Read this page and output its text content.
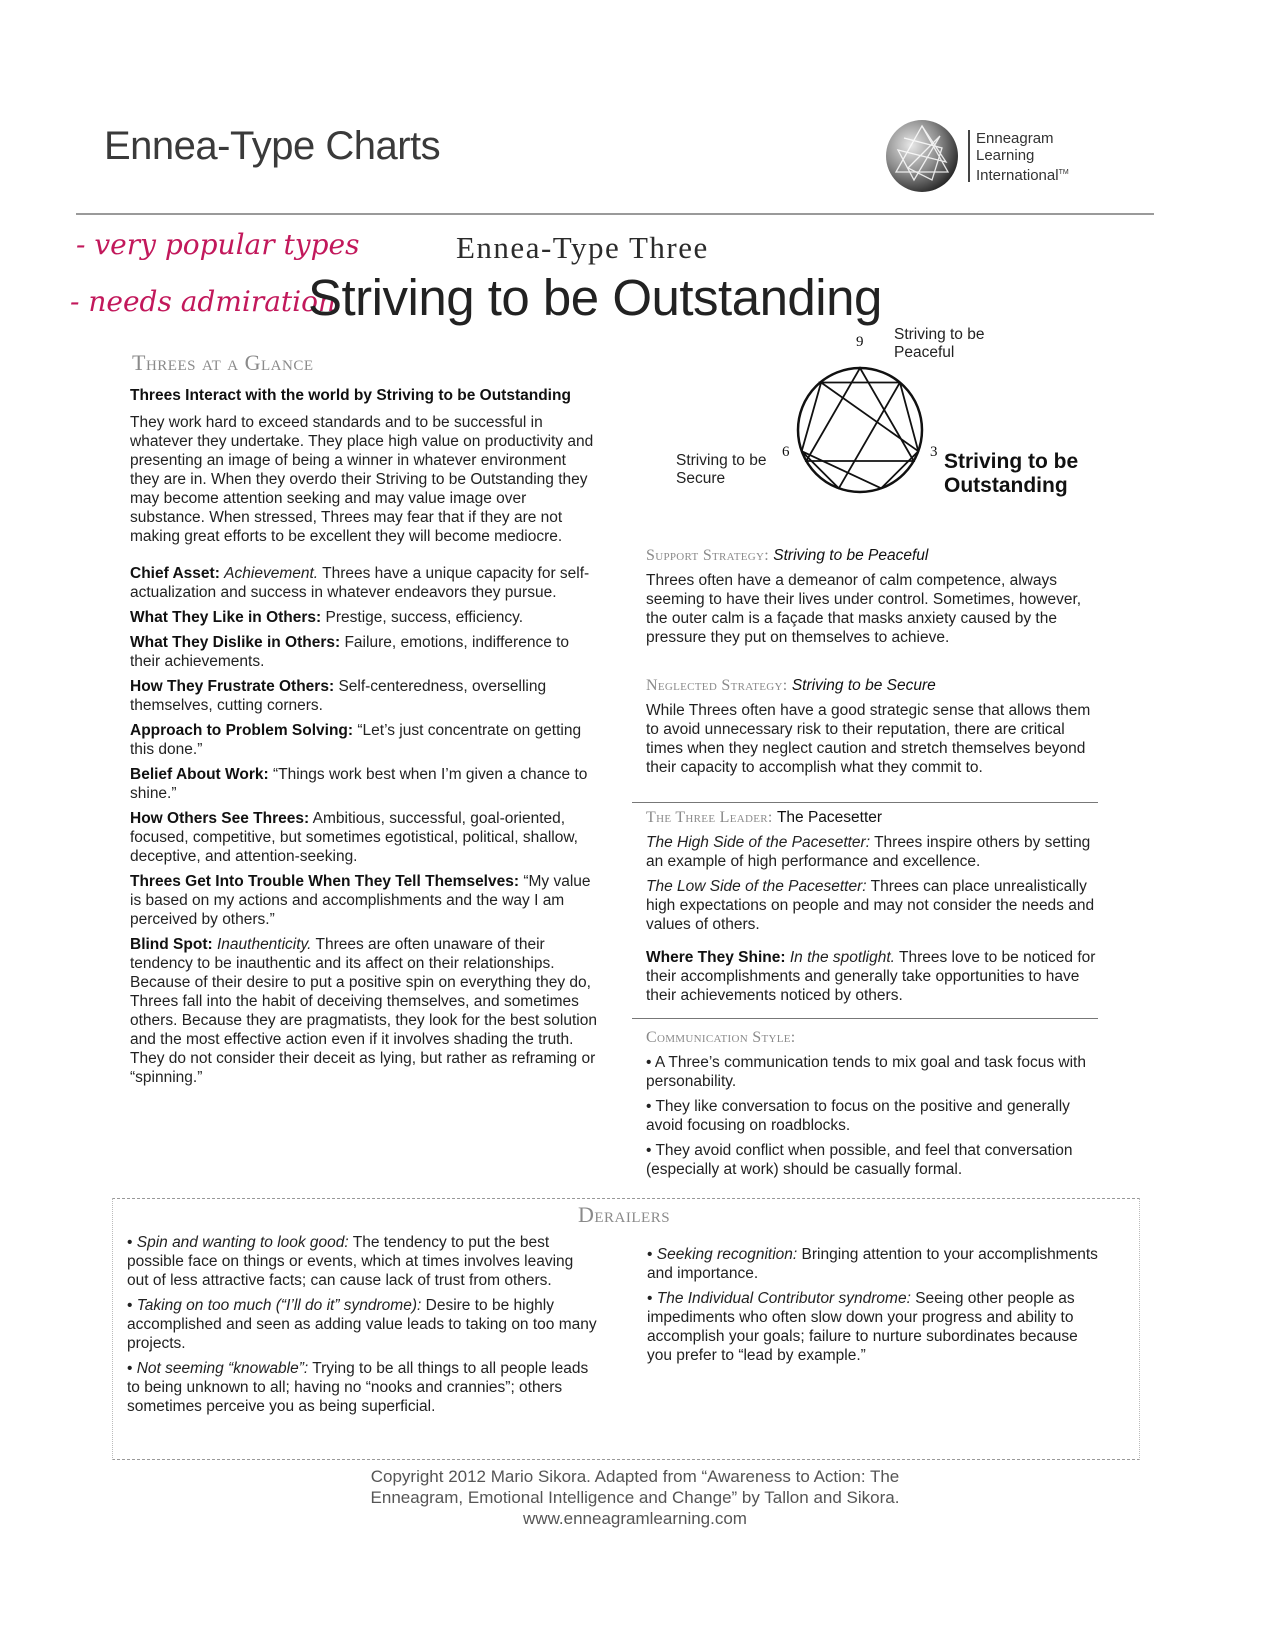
Ennea-Type Charts	Enneagram
Learning
International™
- very popular types
- needs admiration
Ennea-Type Three
Striving to be Outstanding
Threes at a Glance

Threes Interact with the world by Striving to be Outstanding

They work hard to exceed standards and to be successful in whatever they undertake. They place high value on productivity and presenting an image of being a winner in whatever environment they are in. When they overdo their Striving to be Outstanding they may become attention seeking and may value image over substance. When stressed, Threes may fear that if they are not making great efforts to be excellent they will become mediocre.

Chief Asset: Achievement. Threes have a unique capacity for self-actualization and success in whatever endeavors they pursue.

What They Like in Others: Prestige, success, efficiency.

What They Dislike in Others: Failure, emotions, indifference to their achievements.

How They Frustrate Others: Self-centeredness, overselling themselves, cutting corners.

Approach to Problem Solving: “Let’s just concentrate on getting this done.”

Belief About Work: “Things work best when I’m given a chance to shine.”

How Others See Threes: Ambitious, successful, goal-oriented, focused, competitive, but sometimes egotistical, political, shallow, deceptive, and attention-seeking.

Threes Get Into Trouble When They Tell Themselves: “My value is based on my actions and accomplishments and the way I am perceived by others.”

Blind Spot: Inauthenticity. Threes are often unaware of their tendency to be inauthentic and its affect on their relationships. Because of their desire to put a positive spin on everything they do, Threes fall into the habit of deceiving themselves, and sometimes others. Because they are pragmatists, they look for the best solution and the most effective action even if it involves shading the truth. They do not consider their deceit as lying, but rather as reframing or “spinning.”

9
6	3
Striving to be
Peaceful
Striving to be
Secure
Striving to be
Outstanding

Support Strategy: Striving to be Peaceful

Threes often have a demeanor of calm competence, always seeming to have their lives under control. Sometimes, however, the outer calm is a façade that masks anxiety caused by the pressure they put on themselves to achieve.

Neglected Strategy: Striving to be Secure

While Threes often have a good strategic sense that allows them to avoid unnecessary risk to their reputation, there are critical times when they neglect caution and stretch themselves beyond their capacity to accomplish what they commit to.

The Three Leader: The Pacesetter

The High Side of the Pacesetter: Threes inspire others by setting an example of high performance and excellence.

The Low Side of the Pacesetter: Threes can place unrealistically high expectations on people and may not consider the needs and values of others.

Where They Shine: In the spotlight. Threes love to be noticed for their accomplishments and generally take opportunities to have their achievements noticed by others.

Communication Style:

• A Three’s communication tends to mix goal and task focus with personability.

• They like conversation to focus on the positive and generally avoid focusing on roadblocks.

• They avoid conflict when possible, and feel that conversation (especially at work) should be casually formal.

• Spin and wanting to look good: The tendency to put the best possible face on things or events, which at times involves leaving out of less attractive facts; can cause lack of trust from others.

• Taking on too much (“I’ll do it” syndrome): Desire to be highly accomplished and seen as adding value leads to taking on too many projects.

• Not seeming “knowable”: Trying to be all things to all people leads to being unknown to all; having no “nooks and crannies”; others sometimes perceive you as being superficial.

• Seeking recognition: Bringing attention to your accomplishments and importance.

• The Individual Contributor syndrome: Seeing other people as impediments who often slow down your progress and ability to accomplish your goals; failure to nurture subordinates because you prefer to “lead by example.”

Derailers
Copyright 2012 Mario Sikora. Adapted from “Awareness to Action: The
Enneagram, Emotional Intelligence and Change” by Tallon and Sikora.
www.enneagramlearning.com
